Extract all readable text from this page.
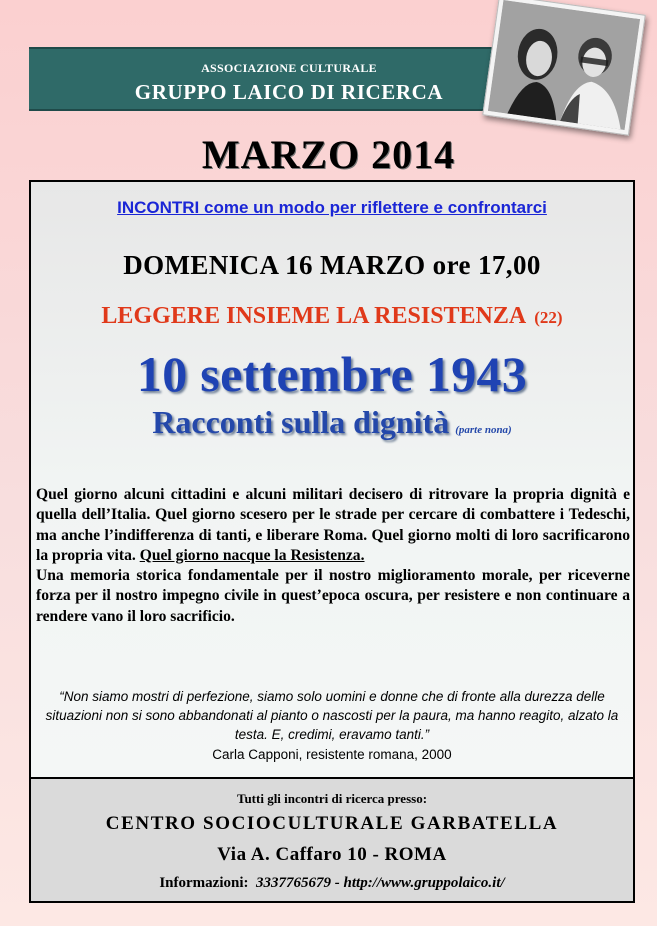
ASSOCIAZIONE CULTURALE
GRUPPO LAICO DI RICERCA
MARZO 2014
INCONTRI come un modo per riflettere e confrontarci
DOMENICA 16 MARZO ore 17,00
LEGGERE INSIEME LA RESISTENZA (22)
10 settembre 1943
Racconti sulla dignità (parte nona)

Quel giorno alcuni cittadini e alcuni militari decisero di ritrovare la propria dignità e quella dell’Italia. Quel giorno scesero per le strade per cercare di combattere i Tedeschi, ma anche l’indifferenza di tanti, e liberare Roma. Quel giorno molti di loro sacrificarono la propria vita. Quel giorno nacque la Resistenza.

Una memoria storica fondamentale per il nostro miglioramento morale, per riceverne forza per il nostro impegno civile in quest’epoca oscura, per resistere e non continuare a rendere vano il loro sacrificio.

“Non siamo mostri di perfezione, siamo solo uomini e donne che di fronte alla durezza delle situazioni non si sono abbandonati al pianto o nascosti per la paura, ma hanno reagito, alzato la testa. E, credimi, eravamo tanti.”

Carla Capponi, resistente romana, 2000
Tutti gli incontri di ricerca presso:
CENTRO SOCIOCULTURALE GARBATELLA
Via A. Caffaro 10 - ROMA
Informazioni: 3337765679 - http://www.gruppolaico.it/
